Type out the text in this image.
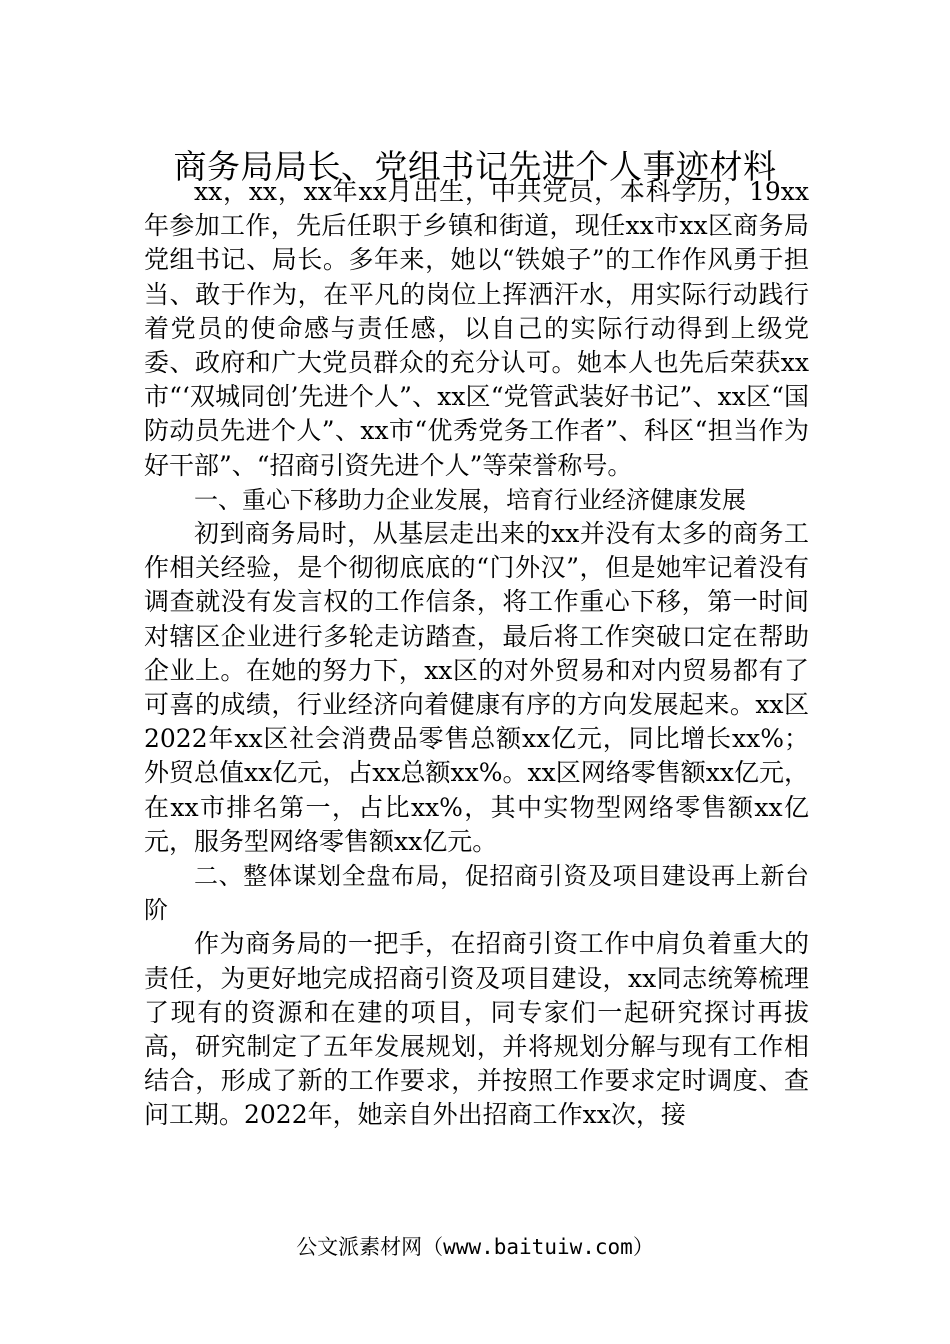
商务局局长、党组书记先进个人事迹材料

xx，xx，xx年xx月出生，中共党员，本科学历，19xx年参加工作，先后任职于乡镇和街道，现任xx市xx区商务局党组书记、局长。多年来，她以“铁娘子”的工作作风勇于担当、敢于作为，在平凡的岗位上挥洒汗水，用实际行动践行着党员的使命感与责任感，以自己的实际行动得到上级党委、政府和广大党员群众的充分认可。她本人也先后荣获xx市“‘双城同创’先进个人”、xx区“党管武装好书记”、xx区“国防动员先进个人”、xx市“优秀党务工作者”、科区“担当作为好干部”、“招商引资先进个人”等荣誉称号。

一、重心下移助力企业发展，培育行业经济健康发展

初到商务局时，从基层走出来的xx并没有太多的商务工作相关经验，是个彻彻底底的“门外汉”，但是她牢记着没有调查就没有发言权的工作信条，将工作重心下移，第一时间对辖区企业进行多轮走访踏查，最后将工作突破口定在帮助企业上。在她的努力下，xx区的对外贸易和对内贸易都有了可喜的成绩，行业经济向着健康有序的方向发展起来。xx区2022年xx区社会消费品零售总额xx亿元，同比增长xx%；外贸总值xx亿元，占xx总额xx%。xx区网络零售额xx亿元，在xx市排名第一，占比xx%，其中实物型网络零售额xx亿元，服务型网络零售额xx亿元。

二、整体谋划全盘布局，促招商引资及项目建设再上新台阶

作为商务局的一把手，在招商引资工作中肩负着重大的责任，为更好地完成招商引资及项目建设，xx同志统筹梳理了现有的资源和在建的项目，同专家们一起研究探讨再拔高，研究制定了五年发展规划，并将规划分解与现有工作相结合，形成了新的工作要求，并按照工作要求定时调度、查问工期。2022年，她亲自外出招商工作xx次，接

公文派素材网（www.baituiw.com）
